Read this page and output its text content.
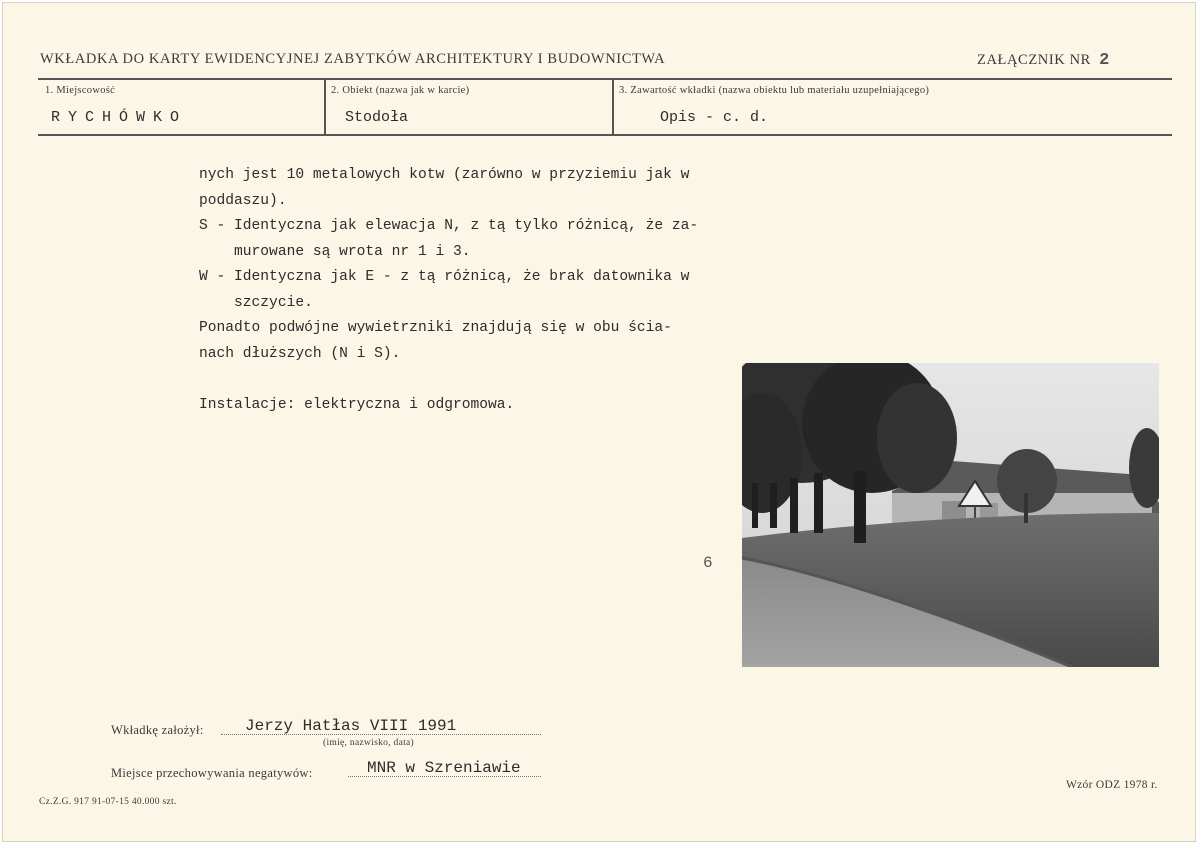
WKŁADKA DO KARTY EWIDENCYJNEJ ZABYTKÓW ARCHITEKTURY I BUDOWNICTWA	ZAŁĄCZNIK NR 2
1. Miejscowość
RYCHÓWKO
2. Obiekt (nazwa jak w karcie)
Stodoła
3. Zawartość wkładki (nazwa obiektu lub materiału uzupełniającego)
Opis - c. d.
nych jest 10 metalowych kotw (zarówno w przyziemiu jak w
poddaszu).
S - Identyczna jak elewacja N, z tą tylko różnicą, że za-
murowane są wrota nr 1 i 3.
W - Identyczna jak E - z tą różnicą, że brak datownika w
szczycie.
Ponadto podwójne wywietrzniki znajdują się w obu ścia-
nach dłuższych (N i S).
Instalacje: elektryczna i odgromowa.
6
Wkładkę założył:	Jerzy Hatłas VIII 1991
(imię, nazwisko, data)
Miejsce przechowywania negatywów:	MNR w Szreniawie
Cz.Z.G. 917 91-07-15 40.000 szt.
Wzór ODZ 1978 r.
